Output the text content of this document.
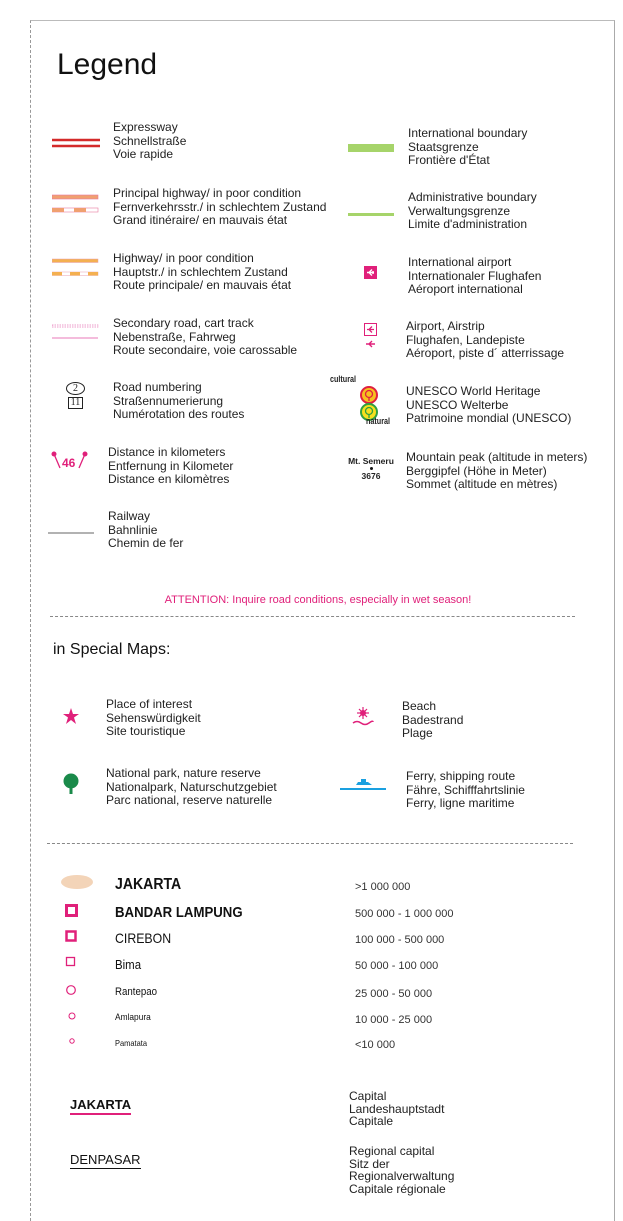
Legend
Expressway
Schnellstraße
Voie rapide
Principal highway/ in poor condition
Fernverkehrsstr./ in schlechtem Zustand
Grand itinéraire/ en mauvais état
Highway/ in poor condition
Hauptstr./ in schlechtem Zustand
Route principale/ en mauvais état
Secondary road, cart track
Nebenstraße, Fahrweg
Route secondaire, voie carossable
2
11
Road numbering
Straßennumerierung
Numérotation des routes
46
Distance in kilometers
Entfernung in Kilometer
Distance en kilomètres
Railway
Bahnlinie
Chemin de fer
International boundary
Staatsgrenze
Frontière d'État
Administrative boundary
Verwaltungsgrenze
Limite d'administration
International airport
Internationaler Flughafen
Aéroport international
Airport, Airstrip
Flughafen, Landepiste
Aéroport, piste d´ atterrissage
cultural
natural
UNESCO World Heritage
UNESCO Welterbe
Patrimoine mondial (UNESCO)
Mt. Semeru
3676
Mountain peak (altitude in meters)
Berggipfel (Höhe in Meter)
Sommet (altitude en mètres)
ATTENTION: Inquire road conditions, especially in wet season!
in Special Maps:
Place of interest
Sehenswürdigkeit
Site touristique
Beach
Badestrand
Plage
National park, nature reserve
Nationalpark, Naturschutzgebiet
Parc national, reserve naturelle
Ferry, shipping route
Fähre, Schifffahrtslinie
Ferry, ligne maritime
JAKARTA	>1 000 000
BANDAR LAMPUNG	500 000 - 1 000 000
CIREBON	100 000 - 500 000
Bima	50 000 - 100 000
Rantepao	25 000 - 50 000
Amlapura	10 000 - 25 000
Pamatata	<10 000
JAKARTA
Capital
Landeshauptstadt
Capitale
DENPASAR
Regional capital
Sitz der Regionalverwaltung
Capitale régionale
